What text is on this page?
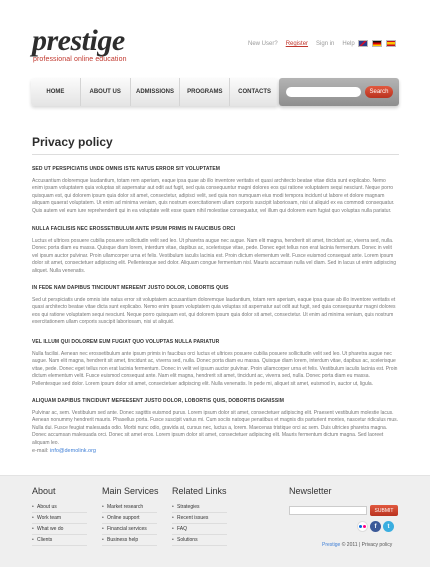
prestige
professional online education
New User? Register Sign in Help
HOME	ABOUT US	ADMISSIONS	PROGRAMS	CONTACTS	Search
Privacy policy
SED UT PERSPICIATIS UNDE OMNIS ISTE NATUS ERROR SIT VOLUPTATEM
Accusantium doloremque laudantium, totam rem aperiam, eaque ipsa quae ab illo inventore veritatis et quasi architecto beatae vitae dicta sunt explicabo. Nemo enim ipsam voluptatem quia voluptas sit aspernatur aut odit aut fugit, sed quia consequuntur magni dolores eos qui ratione voluptatem sequi nesciunt. Neque porro quisquam est, qui dolorem ipsum quia dolor sit amet, consectetur, adipisci velit, sed quia non numquam eius modi tempora incidunt ut labore et dolore magnam aliquam quaerat voluptatem. Ut enim ad minima veniam, quis nostrum exercitationem ullam corporis suscipit laboriosam, nisi ut aliquid ex ea commodi consequatur. Quis autem vel eum iure reprehenderit qui in ea voluptate velit esse quam nihil molestiae consequatur, vel illum qui dolorem eum fugiat quo voluptas nulla pariatur.
NULLA FACILISIS NEC EROSSETIBULUM ANTE IPSUM PRIMIS IN FAUCIBUS ORCI
Luctus et ultrices posuere cubilia posuere sollicitudin velit sed leo. Ut pharetra augue nec augue. Nam elit magna, hendrerit sit amet, tincidunt ac, viverra sed, nulla. Donec porta diam eu massa. Quisque diam lorem, interdum vitae, dapibus ac, scelerisque vitae, pede. Donec eget tellus non erat lacinia fermentum. Donec in velit vel ipsum auctor pulvinar. Proin ullamcorper urna et felis. Vestibulum iaculis lacinia est. Proin dictum elementum velit. Fusce euismod consequat ante. Lorem ipsum dolor sit amet, consectetuer adipiscing elit. Pellentesque sed dolor. Aliquam congue fermentum nisl. Mauris accumsan nulla vel diam. Sed in lacus ut enim adipiscing aliquet. Nulla venenatis.
IN FEDE NAM DAPIBUS TINCIDUNT MEREENT JUSTO DOLOR, LOBORTIS QUIS
Sed ut perspiciatis unde omnis iste natus error sit voluptatem accusantium doloremque laudantium, totam rem aperiam, eaque ipsa quae ab illo inventore veritatis et quasi architecto beatae vitae dicta sunt explicabo. Nemo enim ipsam voluptatem quia voluptas sit aspernatur aut odit aut fugit, sed quia consequuntur magni dolores eos qui ratione voluptatem sequi nesciunt. Neque porro quisquam est, qui dolorem ipsum quia dolor sit amet, consectetur. Ut enim ad minima veniam, quis nostrum exercitationem ullam corporis suscipit laboriosam, nisi ut aliquid.
VEL ILLUM QUI DOLOREM EUM FUGIAT QUO VOLUPTAS NULLA PARIATUR
Nulla facilisi. Aenean nec erossetibulum ante ipsum primis in faucibus orci luctus et ultrices posuere cubilia posuere sollicitudin velit sed leo. Ut pharetra augue nec augue. Nam elit magna, hendrerit sit amet, tincidunt ac, viverra sed, nulla. Donec porta diam eu massa. Quisque diam lorem, interdum vitae, dapibus ac, scelerisque vitae, pede. Donec eget tellus non erat lacinia fermentum. Donec in velit vel ipsum auctor pulvinar. Proin ullamcorper urna et felis. Vestibulum iaculis lacinia est. Proin dictum elementum velit. Fusce euismod consequat ante. Nam elit magna, hendrerit sit amet, tincidunt ac, viverra sed, nulla. Donec porta diam eu massa. Pellentesque sed dolor. Lorem ipsum dolor sit amet, consectetuer adipiscing elit. Nulla venenatis. In pede mi, aliquet sit amet, euismod in, auctor ut, ligula.
ALIQUAM DAPIBUS TINCIDUNT MEFEESENT JUSTO DOLOR, LOBORTIS QUIS, DOBORTIS DIGNISSIM
Pulvinar ac, sem. Vestibulum sed ante. Donec sagittis euismod purus. Lorem ipsum dolor sit amet, consectetuer adipiscing elit. Praesent vestibulum molestie lacus. Aenean nonummy hendrerit mauris. Phasellus porta. Fusce suscipit varius mi. Cum sociis natoque penatibus et magnis dis parturient montes, nascetur ridiculus mus. Nulla dui. Fusce feugiat malesuada odio. Morbi nunc odio, gravida at, cursus nec, luctus a, lorem. Maecenas tristique orci ac sem. Duis ultricies pharetra magna. Donec accumsan malesuada orci. Donec sit amet eros. Lorem ipsum dolor sit amet, consectetuer adipiscing elit. Mauris fermentum dictum magna. Sed laoreet aliquam leo.
e-mail: info@demolink.org
About
• About us
• Work team
• What we do
• Clients
Main Services
• Market research
• Online support
• Financial services
• Business help
Related Links
• Strategies
• Recent issues
• FAQ
• Solutions
Newsletter
SUBMIT
f	t
Prestige © 2011 | Privacy policy
